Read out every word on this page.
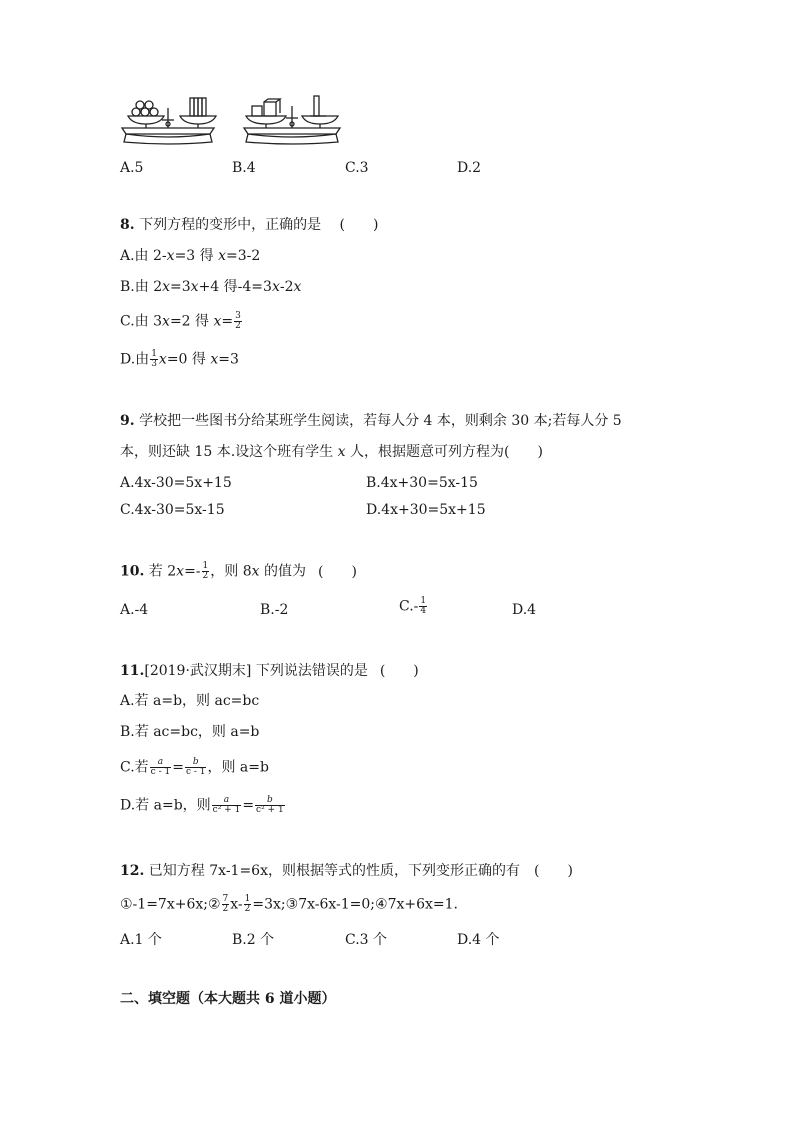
A.5	B.4	C.3	D.2
8. 下列方程的变形中，正确的是 (　　)
A.由 2-x=3 得 x=3-2
B.由 2x=3x+4 得-4=3x-2x
C.由 3x=2 得 $x= \frac{3}{2}$
D.由 $\frac{1}{3} x=0$ 得 x=3
9. 学校把一些图书分给某班学生阅读，若每人分 4 本，则剩余 30 本;若每人分 5
本，则还缺 15 本.设这个班有学生 x 人，根据题意可列方程为(　　)
A.4x-30=5x+15	B.4x+30=5x-15
C.4x-30=5x-15	D.4x+30=5x+15
10. 若 $2x=- \frac{1}{2}$ ，则 8x 的值为 (　　)
A.-4	B.-2	$C.- \frac{1}{4}$	D.4
11.[2019·武汉期末] 下列说法错误的是 (　　)
A.若 a=b，则 ac=bc
B.若 ac=bc，则 a=b
C.若 $\frac{a}{c - 1} = \frac{b}{c - 1}$ ，则 a=b
D.若 a=b，则 $\frac{a}{\text{c² + 1}} = \frac{b}{\text{c² + 1}}$
12. 已知方程 7x-1=6x，则根据等式的性质，下列变形正确的有 (　　)
①-1=7x+6x;② $\frac{7}{2} x- \frac{1}{2}$ =3x;③7x-6x-1=0;④7x+6x=1.
A.1 个	B.2 个	C.3 个	D.4 个
二、填空题（本大题共 6 道小题）
